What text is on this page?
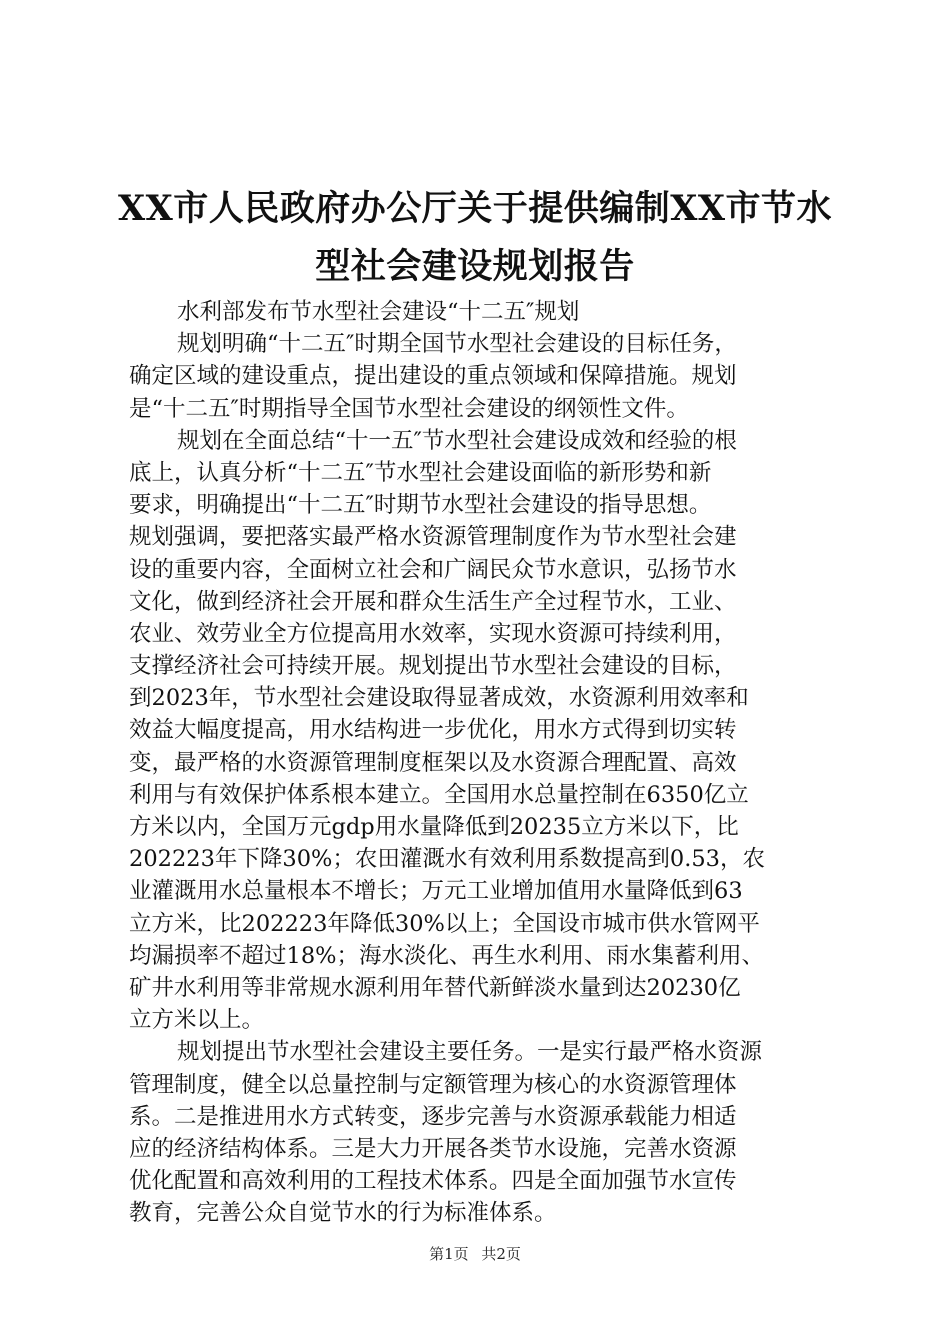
XX市人民政府办公厅关于提供编制XX市节水
型社会建设规划报告
水利部发布节水型社会建设“十二五″规划
规划明确“十二五″时期全国节水型社会建设的目标任务，
确定区域的建设重点，提出建设的重点领域和保障措施。规划
是“十二五″时期指导全国节水型社会建设的纲领性文件。
规划在全面总结“十一五″节水型社会建设成效和经验的根
底上，认真分析“十二五″节水型社会建设面临的新形势和新
要求，明确提出“十二五″时期节水型社会建设的指导思想。
规划强调，要把落实最严格水资源管理制度作为节水型社会建
设的重要内容，全面树立社会和广阔民众节水意识，弘扬节水
文化，做到经济社会开展和群众生活生产全过程节水，工业、
农业、效劳业全方位提高用水效率，实现水资源可持续利用，
支撑经济社会可持续开展。规划提出节水型社会建设的目标，
到2023年，节水型社会建设取得显著成效，水资源利用效率和
效益大幅度提高，用水结构进一步优化，用水方式得到切实转
变，最严格的水资源管理制度框架以及水资源合理配置、高效
利用与有效保护体系根本建立。全国用水总量控制在6350亿立
方米以内，全国万元gdp用水量降低到20235立方米以下，比
202223年下降30%；农田灌溉水有效利用系数提高到0.53，农
业灌溉用水总量根本不增长；万元工业增加值用水量降低到63
立方米，比202223年降低30%以上；全国设市城市供水管网平
均漏损率不超过18%；海水淡化、再生水利用、雨水集蓄利用、
矿井水利用等非常规水源利用年替代新鲜淡水量到达20230亿
立方米以上。
规划提出节水型社会建设主要任务。一是实行最严格水资源
管理制度，健全以总量控制与定额管理为核心的水资源管理体
系。二是推进用水方式转变，逐步完善与水资源承载能力相适
应的经济结构体系。三是大力开展各类节水设施，完善水资源
优化配置和高效利用的工程技术体系。四是全面加强节水宣传
教育，完善公众自觉节水的行为标准体系。
第1页 共2页
